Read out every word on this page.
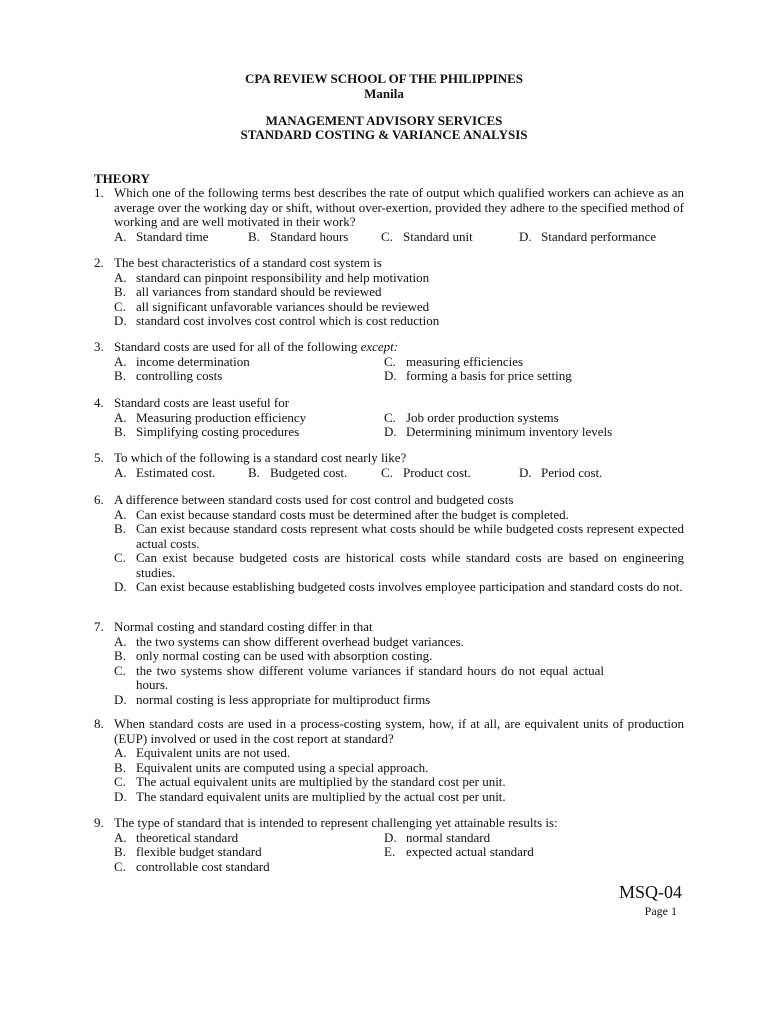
CPA REVIEW SCHOOL OF THE PHILIPPINES
Manila
MANAGEMENT ADVISORY SERVICES
STANDARD COSTING & VARIANCE ANALYSIS
THEORY
1. Which one of the following terms best describes the rate of output which qualified workers can achieve as an average over the working day or shift, without over-exertion, provided they adhere to the specified method of working and are well motivated in their work?
A. Standard time	B. Standard hours	C. Standard unit	D. Standard performance
2. The best characteristics of a standard cost system is
A. standard can pinpoint responsibility and help motivation
B. all variances from standard should be reviewed
C. all significant unfavorable variances should be reviewed
D. standard cost involves cost control which is cost reduction
3. Standard costs are used for all of the following except:
A. income determination	C. measuring efficiencies
B. controlling costs	D. forming a basis for price setting
4. Standard costs are least useful for
A. Measuring production efficiency	C. Job order production systems
B. Simplifying costing procedures	D. Determining minimum inventory levels
5. To which of the following is a standard cost nearly like?
A. Estimated cost.	B. Budgeted cost.	C. Product cost.	D. Period cost.
6. A difference between standard costs used for cost control and budgeted costs
A. Can exist because standard costs must be determined after the budget is completed.
B. Can exist because standard costs represent what costs should be while budgeted costs represent expected actual costs.
C. Can exist because budgeted costs are historical costs while standard costs are based on engineering studies.
D. Can exist because establishing budgeted costs involves employee participation and standard costs do not.
7. Normal costing and standard costing differ in that
A. the two systems can show different overhead budget variances.
B. only normal costing can be used with absorption costing.
C. the two systems show different volume variances if standard hours do not equal actual hours.
D. normal costing is less appropriate for multiproduct firms
8. When standard costs are used in a process-costing system, how, if at all, are equivalent units of production (EUP) involved or used in the cost report at standard?
A. Equivalent units are not used.
B. Equivalent units are computed using a special approach.
C. The actual equivalent units are multiplied by the standard cost per unit.
D. The standard equivalent units are multiplied by the actual cost per unit.
9. The type of standard that is intended to represent challenging yet attainable results is:
A. theoretical standard	D. normal standard
B. flexible budget standard	E. expected actual standard
C. controllable cost standard
MSQ-04
Page 1
